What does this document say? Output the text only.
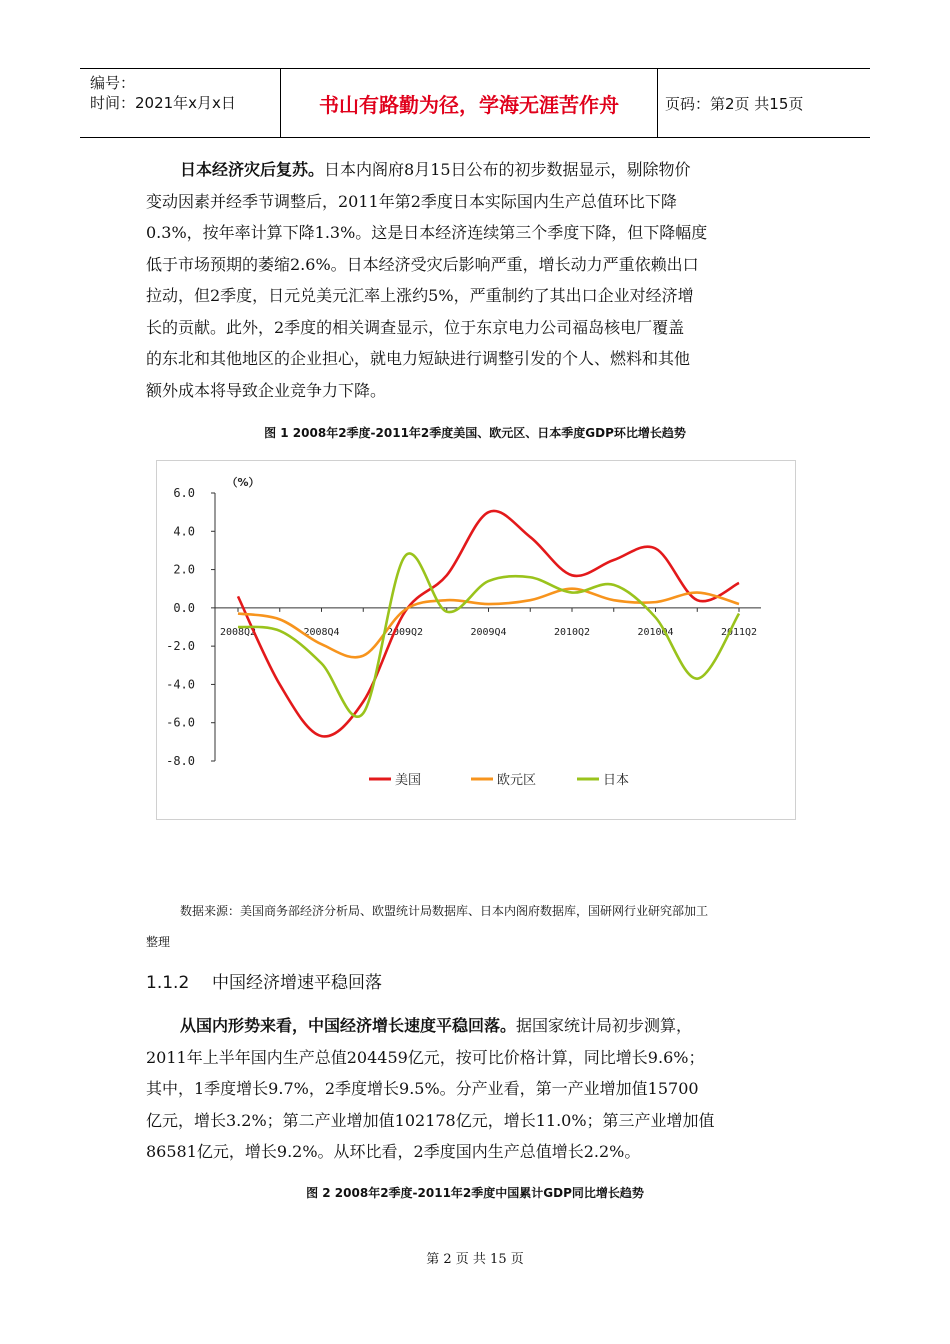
编号：
时间：2021年x月x日	书山有路勤为径，学海无涯苦作舟	页码：第2页 共15页
日本经济灾后复苏。日本内阁府8月15日公布的初步数据显示，剔除物价
变动因素并经季节调整后，2011年第2季度日本实际国内生产总值环比下降
0.3%，按年率计算下降1.3%。这是日本经济连续第三个季度下降，但下降幅度
低于市场预期的萎缩2.6%。日本经济受灾后影响严重，增长动力严重依赖出口
拉动，但2季度，日元兑美元汇率上涨约5%，严重制约了其出口企业对经济增
长的贡献。此外，2季度的相关调查显示，位于东京电力公司福岛核电厂覆盖
的东北和其他地区的企业担心，就电力短缺进行调整引发的个人、燃料和其他
额外成本将导致企业竞争力下降。
图 1 2008年2季度-2011年2季度美国、欧元区、日本季度GDP环比增长趋势
6.0
4.0
2.0
0.0
-2.0
-4.0
-6.0
-8.0
（%）
2008Q2	2008Q4	2009Q2	2009Q4	2010Q2	2010Q4	2011Q2
美国	欧元区	日本
数据来源：美国商务部经济分析局、欧盟统计局数据库、日本内阁府数据库，国研网行业研究部加工
整理
1.1.2 中国经济增速平稳回落
从国内形势来看，中国经济增长速度平稳回落。据国家统计局初步测算，
2011年上半年国内生产总值204459亿元，按可比价格计算，同比增长9.6%；
其中，1季度增长9.7%，2季度增长9.5%。分产业看，第一产业增加值15700
亿元，增长3.2%；第二产业增加值102178亿元，增长11.0%；第三产业增加值
86581亿元，增长9.2%。从环比看，2季度国内生产总值增长2.2%。
图 2 2008年2季度-2011年2季度中国累计GDP同比增长趋势
第 2 页 共 15 页
